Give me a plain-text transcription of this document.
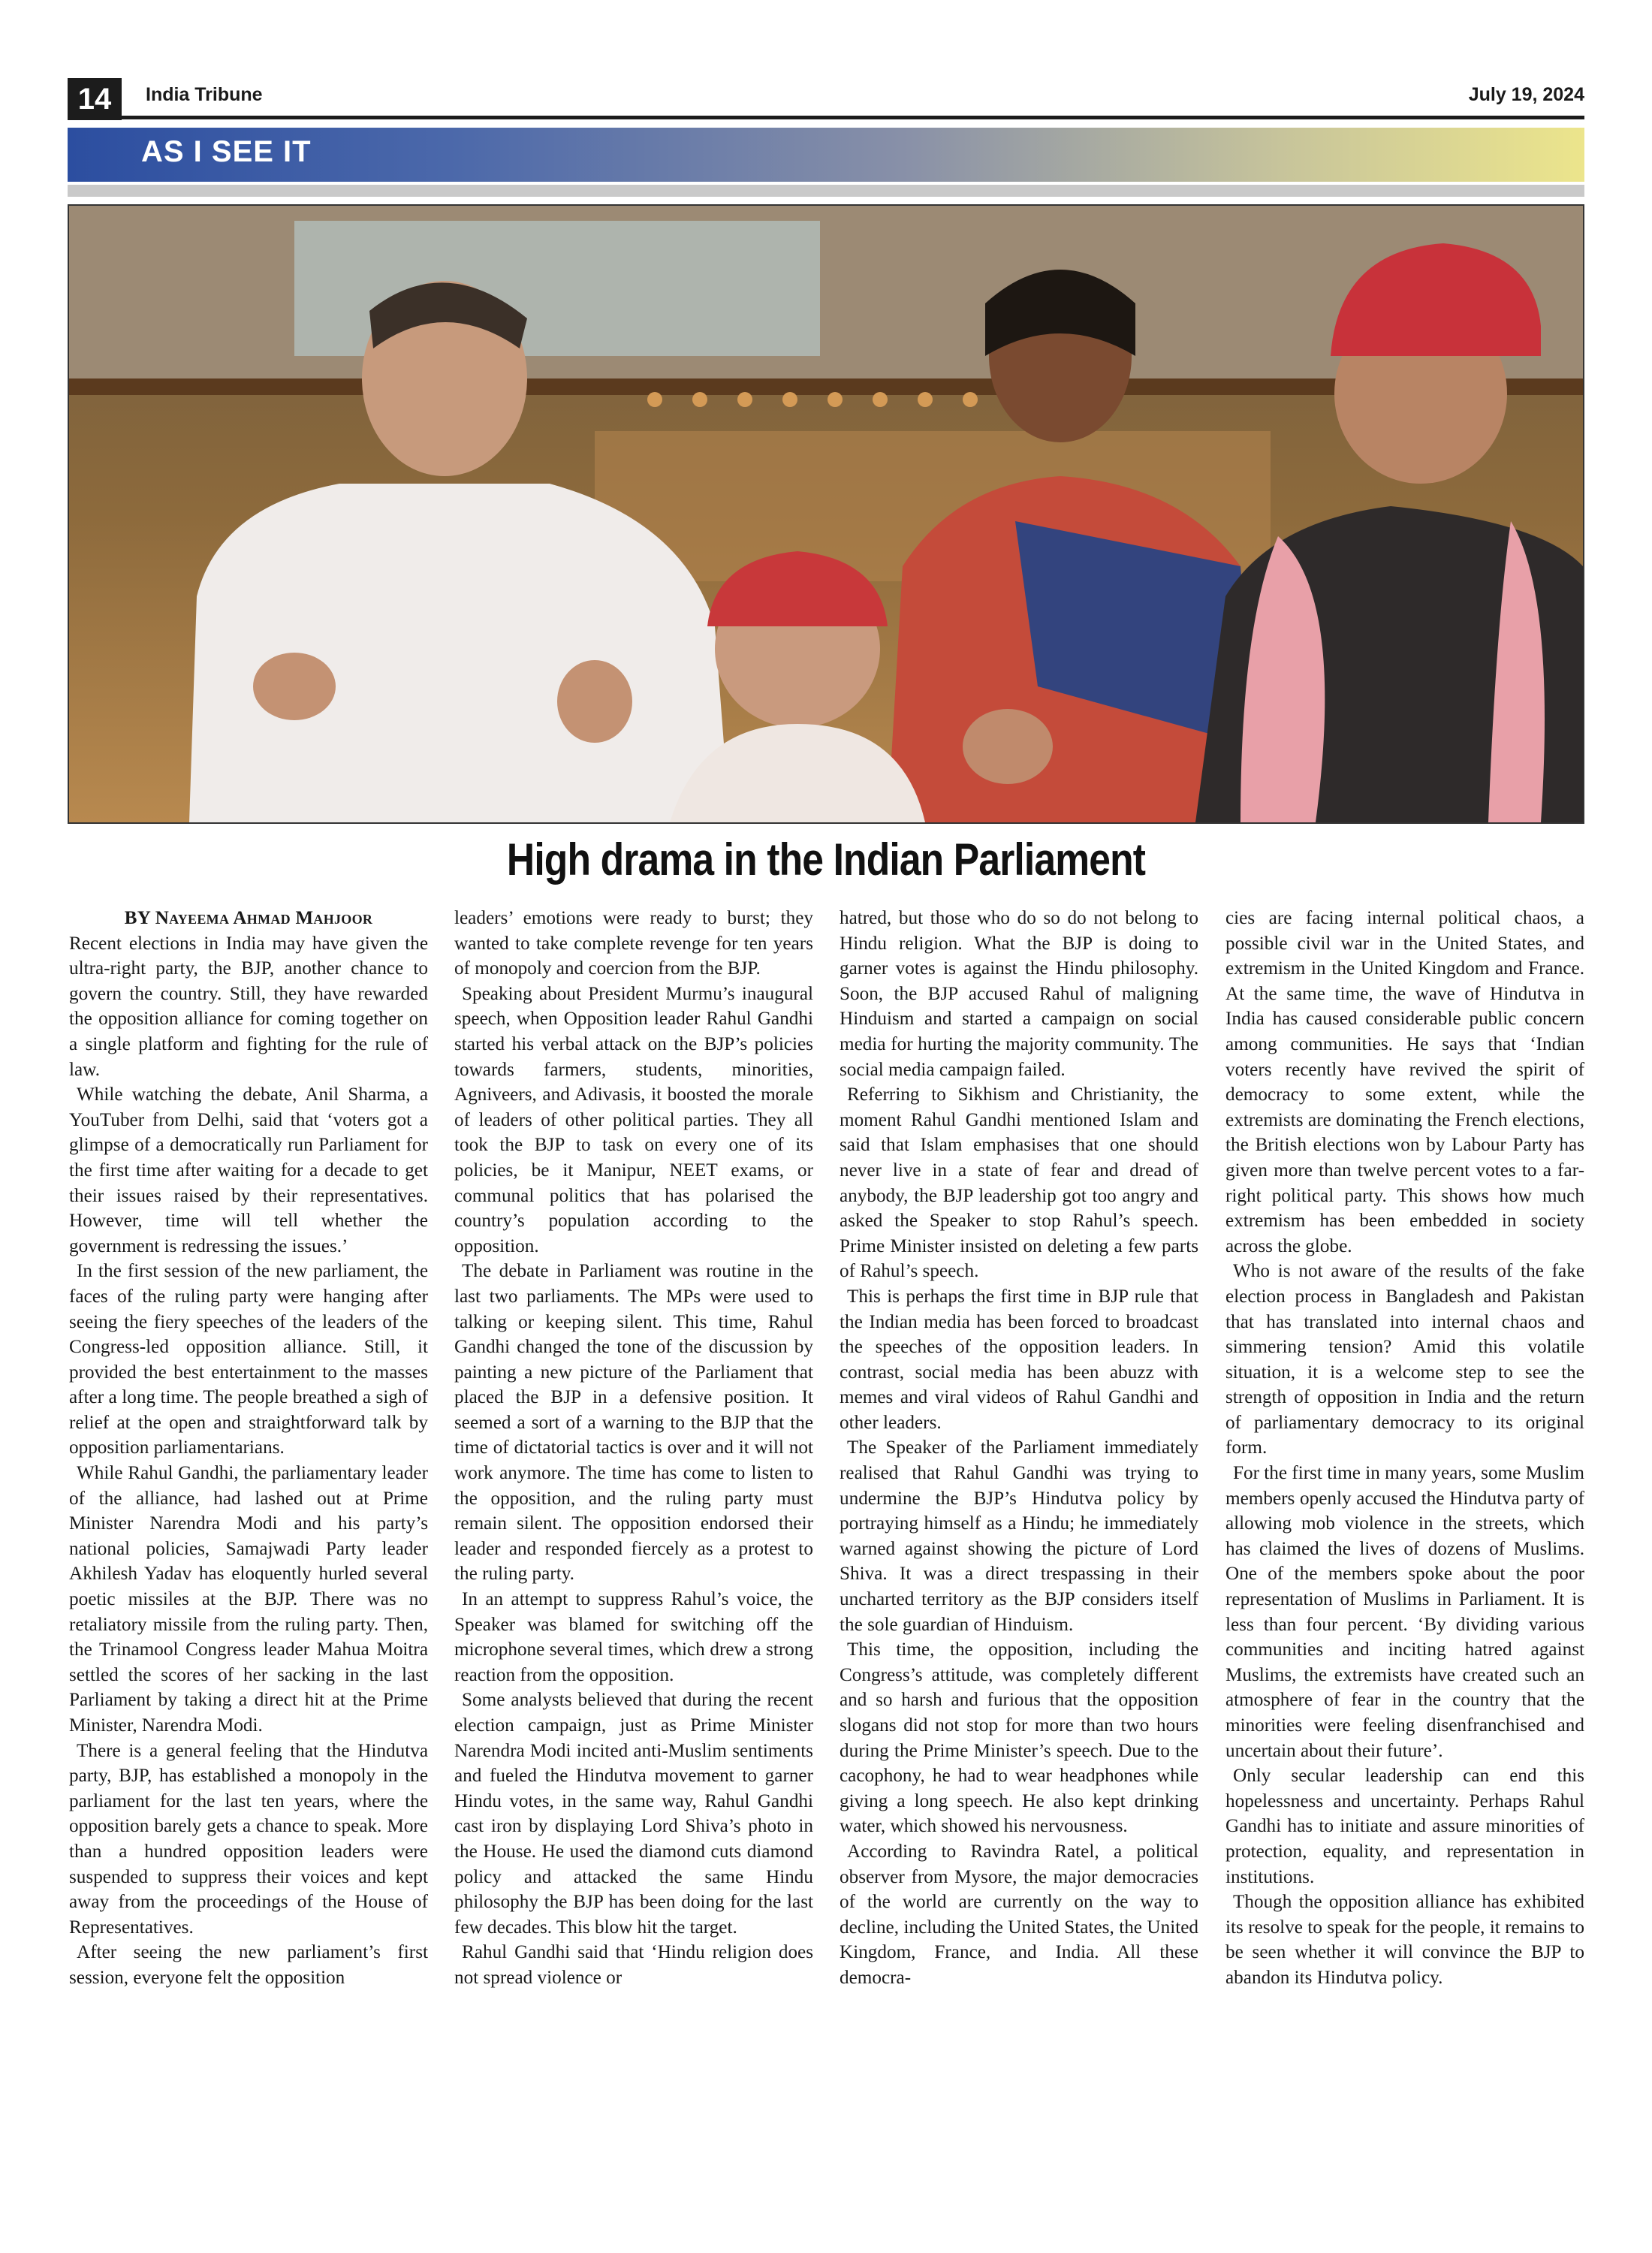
14	India Tribune	July 19, 2024
AS I SEE IT
High drama in the Indian Parliament
BY Nayeema Ahmad Mahjoor

Recent elections in India may have given the ultra-right party, the BJP, another chance to govern the country. Still, they have rewarded the opposition alliance for coming together on a single platform and fighting for the rule of law.

While watching the debate, Anil Sharma, a YouTuber from Delhi, said that ‘voters got a glimpse of a democratically run Parliament for the first time after waiting for a decade to get their issues raised by their representatives. However, time will tell whether the government is redressing the issues.’

In the first session of the new parliament, the faces of the ruling party were hanging after seeing the fiery speeches of the leaders of the Congress-led opposition alliance. Still, it provided the best entertainment to the masses after a long time. The people breathed a sigh of relief at the open and straightforward talk by opposition parliamentarians.

While Rahul Gandhi, the parliamentary leader of the alliance, had lashed out at Prime Minister Narendra Modi and his party’s national policies, Samajwadi Party leader Akhilesh Yadav has eloquently hurled several poetic missiles at the BJP. There was no retaliatory missile from the ruling party. Then, the Trinamool Congress leader Mahua Moitra settled the scores of her sacking in the last Parliament by taking a direct hit at the Prime Minister, Narendra Modi.

There is a general feeling that the Hindutva party, BJP, has established a monopoly in the parliament for the last ten years, where the opposition barely gets a chance to speak. More than a hundred opposition leaders were suspended to suppress their voices and kept away from the proceedings of the House of Representatives.

After seeing the new parliament’s first session, everyone felt the opposition

leaders’ emotions were ready to burst; they wanted to take complete revenge for ten years of monopoly and coercion from the BJP.

Speaking about President Murmu’s inaugural speech, when Opposition leader Rahul Gandhi started his verbal attack on the BJP’s policies towards farmers, students, minorities, Agniveers, and Adivasis, it boosted the morale of leaders of other political parties. They all took the BJP to task on every one of its policies, be it Manipur, NEET exams, or communal politics that has polarised the country’s population according to the opposition.

The debate in Parliament was routine in the last two parliaments. The MPs were used to talking or keeping silent. This time, Rahul Gandhi changed the tone of the discussion by painting a new picture of the Parliament that placed the BJP in a defensive position. It seemed a sort of a warning to the BJP that the time of dictatorial tactics is over and it will not work anymore. The time has come to listen to the opposition, and the ruling party must remain silent. The opposition endorsed their leader and responded fiercely as a protest to the ruling party.

In an attempt to suppress Rahul’s voice, the Speaker was blamed for switching off the microphone several times, which drew a strong reaction from the opposition.

Some analysts believed that during the recent election campaign, just as Prime Minister Narendra Modi incited anti-Muslim sentiments and fueled the Hindutva movement to garner Hindu votes, in the same way, Rahul Gandhi cast iron by displaying Lord Shiva’s photo in the House. He used the diamond cuts diamond policy and attacked the same Hindu philosophy the BJP has been doing for the last few decades. This blow hit the target.

Rahul Gandhi said that ‘Hindu religion does not spread violence or

hatred, but those who do so do not belong to Hindu religion. What the BJP is doing to garner votes is against the Hindu philosophy. Soon, the BJP accused Rahul of maligning Hinduism and started a campaign on social media for hurting the majority community. The social media campaign failed.

Referring to Sikhism and Christianity, the moment Rahul Gandhi mentioned Islam and said that Islam emphasises that one should never live in a state of fear and dread of anybody, the BJP leadership got too angry and asked the Speaker to stop Rahul’s speech. Prime Minister insisted on deleting a few parts of Rahul’s speech.

This is perhaps the first time in BJP rule that the Indian media has been forced to broadcast the speeches of the opposition leaders. In contrast, social media has been abuzz with memes and viral videos of Rahul Gandhi and other leaders.

The Speaker of the Parliament immediately realised that Rahul Gandhi was trying to undermine the BJP’s Hindutva policy by portraying himself as a Hindu; he immediately warned against showing the picture of Lord Shiva. It was a direct trespassing in their uncharted territory as the BJP considers itself the sole guardian of Hinduism.

This time, the opposition, including the Congress’s attitude, was completely different and so harsh and furious that the opposition slogans did not stop for more than two hours during the Prime Minister’s speech. Due to the cacophony, he had to wear headphones while giving a long speech. He also kept drinking water, which showed his nervousness.

According to Ravindra Ratel, a political observer from Mysore, the major democracies of the world are currently on the way to decline, including the United States, the United Kingdom, France, and India. All these democra-

cies are facing internal political chaos, a possible civil war in the United States, and extremism in the United Kingdom and France. At the same time, the wave of Hindutva in India has caused considerable public concern among communities. He says that ‘Indian voters recently have revived the spirit of democracy to some extent, while the extremists are dominating the French elections, the British elections won by Labour Party has given more than twelve percent votes to a far-right political party. This shows how much extremism has been embedded in society across the globe.

Who is not aware of the results of the fake election process in Bangladesh and Pakistan that has translated into internal chaos and simmering tension? Amid this volatile situation, it is a welcome step to see the strength of opposition in India and the return of parliamentary democracy to its original form.

For the first time in many years, some Muslim members openly accused the Hindutva party of allowing mob violence in the streets, which has claimed the lives of dozens of Muslims. One of the members spoke about the poor representation of Muslims in Parliament. It is less than four percent. ‘By dividing various communities and inciting hatred against Muslims, the extremists have created such an atmosphere of fear in the country that the minorities were feeling disenfranchised and uncertain about their future’.

Only secular leadership can end this hopelessness and uncertainty. Perhaps Rahul Gandhi has to initiate and assure minorities of protection, equality, and representation in institutions.

Though the opposition alliance has exhibited its resolve to speak for the people, it remains to be seen whether it will convince the BJP to abandon its Hindutva policy.
